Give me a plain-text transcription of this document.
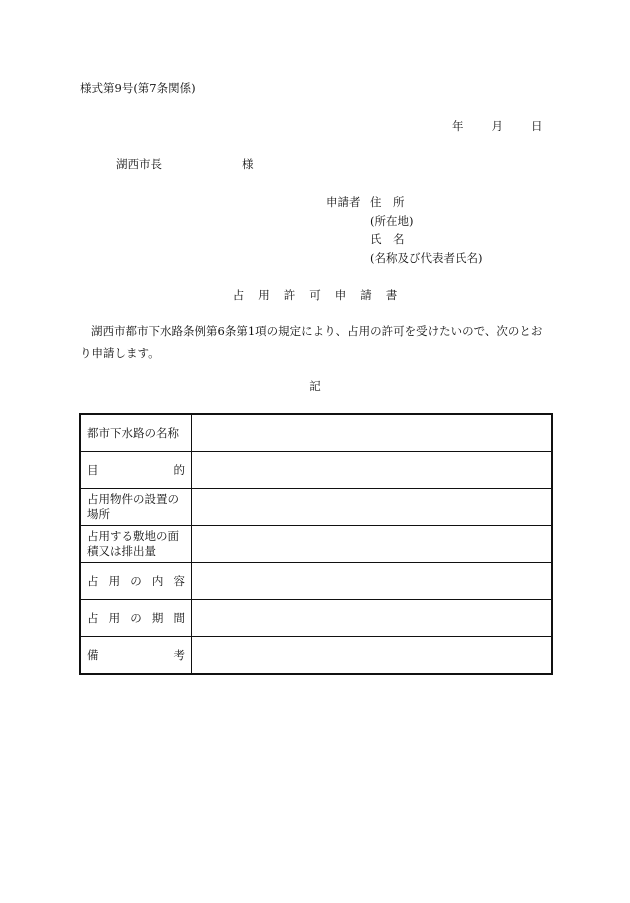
様式第9号(第7条関係)
年 月 日
湖西市長	様
申請者 住　所
(所在地)
氏　名
(名称及び代表者氏名)
占 用 許 可 申 請 書
湖西市都市下水路条例第6条第1項の規定により、占用の許可を受けたいので、次のとおり申請します。
記
都市下水路の名称	
目的	
占用物件の設置の場所	
占用する敷地の面積又は排出量	
占用の内容	
占用の期間	
備考	
